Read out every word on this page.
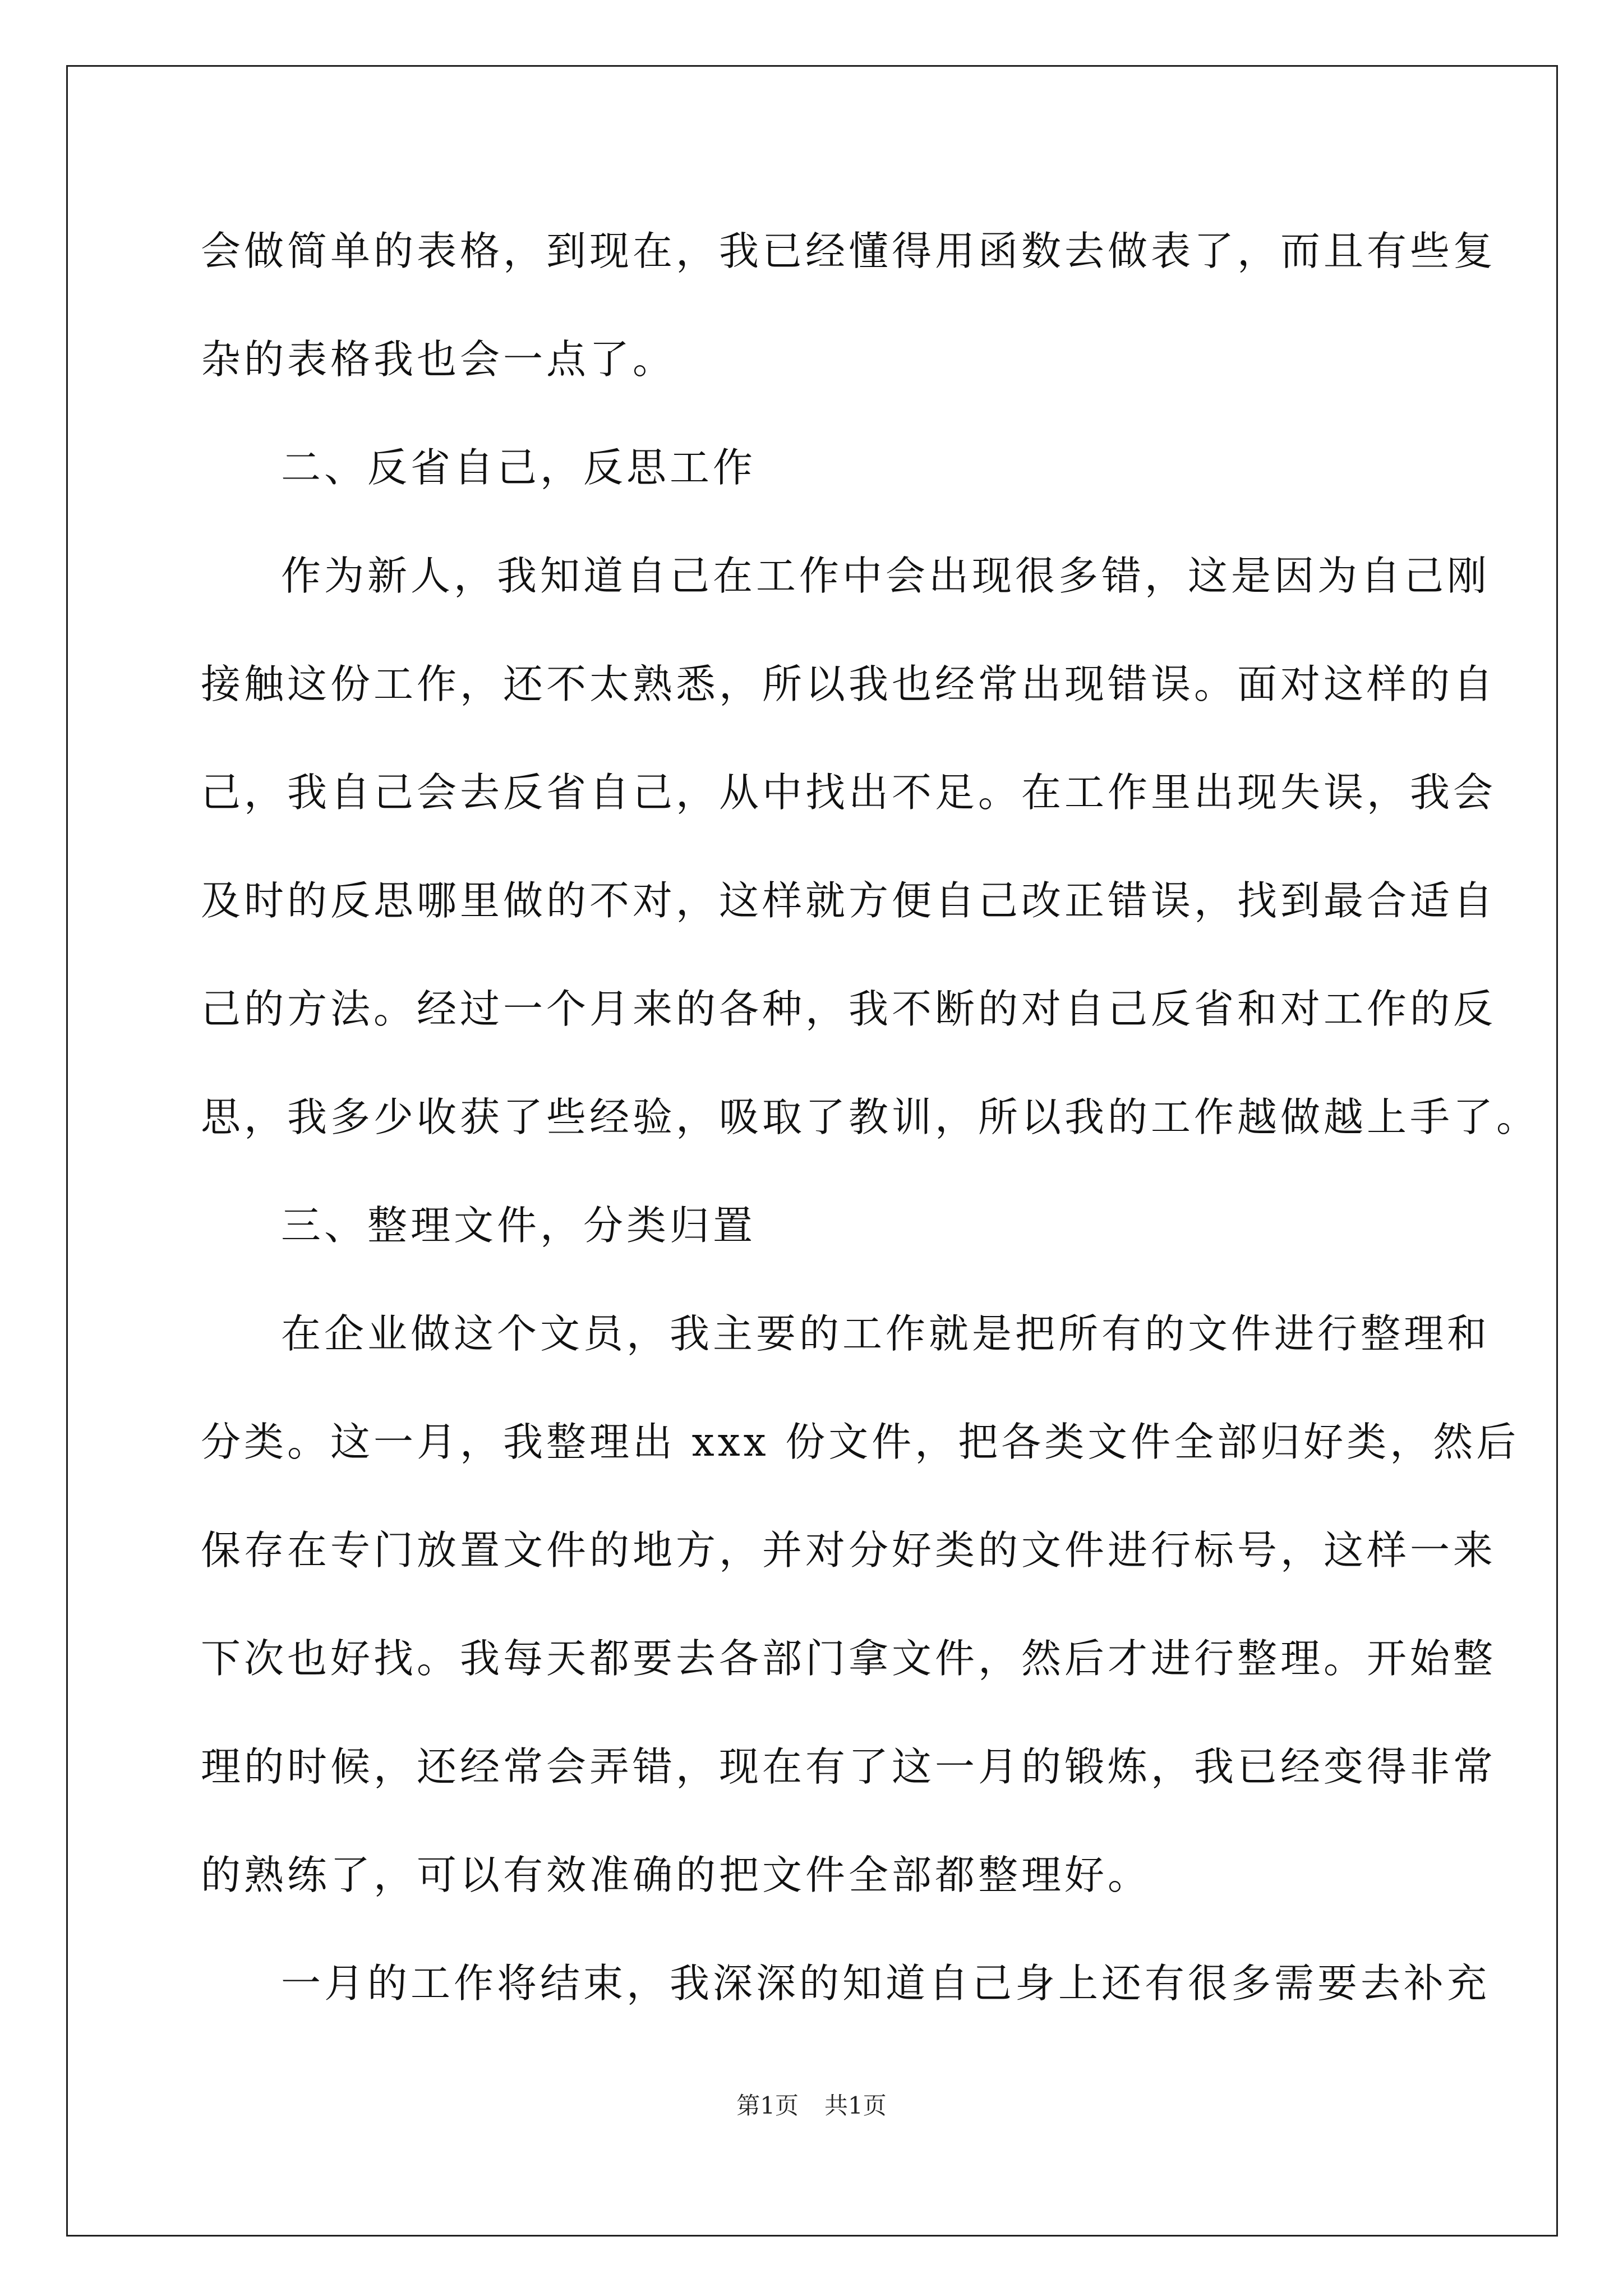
会做简单的表格，到现在，我已经懂得用函数去做表了，而且有些复
杂的表格我也会一点了。
二、反省自己，反思工作
作为新人，我知道自己在工作中会出现很多错，这是因为自己刚
接触这份工作，还不太熟悉，所以我也经常出现错误。面对这样的自
己，我自己会去反省自己，从中找出不足。在工作里出现失误，我会
及时的反思哪里做的不对，这样就方便自己改正错误，找到最合适自
己的方法。经过一个月来的各种，我不断的对自己反省和对工作的反
思，我多少收获了些经验，吸取了教训，所以我的工作越做越上手了。
三、整理文件，分类归置
在企业做这个文员，我主要的工作就是把所有的文件进行整理和
分类。这一月，我整理出 xxx 份文件，把各类文件全部归好类，然后
保存在专门放置文件的地方，并对分好类的文件进行标号，这样一来
下次也好找。我每天都要去各部门拿文件，然后才进行整理。开始整
理的时候，还经常会弄错，现在有了这一月的锻炼，我已经变得非常
的熟练了，可以有效准确的把文件全部都整理好。
一月的工作将结束，我深深的知道自己身上还有很多需要去补充
第1页 共1页
